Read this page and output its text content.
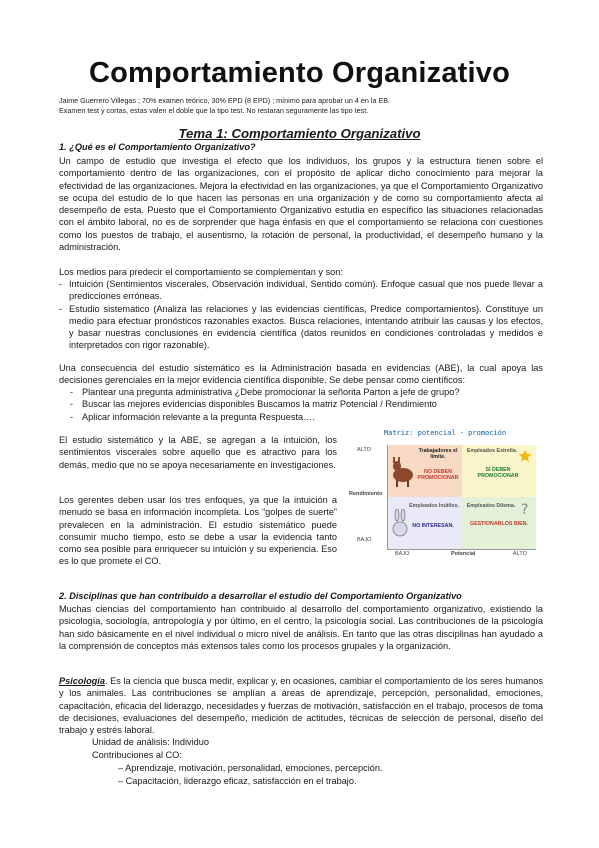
Comportamiento Organizativo
Jaime Guerrero Villegas ; 70% examen teórico, 30% EPD (8 EPD) ; mínimo para aprobar un 4 en la EB.
Examen test y cortas, estas valen el doble que la tipo test. No restaran seguramente las tipo test.
Tema 1: Comportamiento Organizativo
1. ¿Qué es el Comportamiento Organizativo?
Un campo de estudio que investiga el efecto que los individuos, los grupos y la estructura tienen sobre el comportamiento dentro de las organizaciones, con el propósito de aplicar dicho conocimiento para mejorar la efectividad de las organizaciones. Mejora la efectividad en las organizaciones, ya que el Comportamiento Organizativo se ocupa del estudio de lo que hacen las personas en una organización y de como su comportamiento afecta al desempeño de esta. Puesto que el Comportamiento Organizativo estudia en específico las situaciones relacionadas con el ámbito laboral, no es de sorprender que haga énfasis en que el comportamiento se relaciona con cuestiones como los puestos de trabajo, el ausentismo, la rotación de personal, la productividad, el desempeño humano y la administración.
Los medios para predecir el comportamiento se complementan y son:
- Intuición (Sentimientos viscerales, Observación individual, Sentido común). Enfoque casual que nos puede llevar a predicciones erróneas.
- Estudio sistemático (Analiza las relaciones y las evidencias científicas, Predice comportamientos). Constituye un medio para efectuar pronósticos razonables exactos. Busca relaciones, intentando atribuir las causas y los efectos, y basar nuestras conclusiones en evidencia científica (datos reunidos en condiciones controladas y medidos e interpretados con rigor razonable).
Una consecuencia del estudio sistemático es la Administración basada en evidencias (ABE), la cual apoya las decisiones gerenciales en la mejor evidencia científica disponible. Se debe pensar como científicos:
- Plantear una pregunta administrativa ¿Debe promocionar la señorita Parton a jefe de grupo?
- Buscar las mejores evidencias disponibles Buscamos la matriz Potencial / Rendimiento
- Aplicar información relevante a la pregunta Respuesta….
El estudio sistemático y la ABE, se agregan a la intuición, los sentimientos viscerales sobre aquello que es atractivo para los demás, medio que no se apoya necesariamente en investigaciones.
Los gerentes deben usar los tres enfoques, ya que la intuición a menudo se basa en información incompleta. Los “golpes de suerte” prevalecen en la administración. El estudio sistemático puede consumir mucho tiempo, esto se debe a usar la evidencia tanto como sea posible para enriquecer su intuición y su experiencia. Eso es lo que promete el CO.
Matriz: potencial - promoción
ALTO
Rendimiento
BAJO
Trabajadores el límite.
NO DEBEN PROMOCIONAR
Empleados Estrella.
SI DEBEN PROMOCIONAR
Empleados Inútiles.
NO INTERESAN.
Empleados Dilema. ?
GESTIONARLOS BIEN.
BAJO	Potencial	ALTO
2. Disciplinas que han contribuido a desarrollar el estudio del Comportamiento Organizativo
Muchas ciencias del comportamiento han contribuido al desarrollo del comportamiento organizativo, existiendo la psicología, sociología, antropología y por último, en el centro, la psicología social. Las contribuciones de la psicología han sido básicamente en el nivel individual o micro nivel de análisis. En tanto que las otras disciplinas han ayudado a la comprensión de conceptos más extensos tales como los procesos grupales y la organización.
Psicología. Es la ciencia que busca medir, explicar y, en ocasiones, cambiar el comportamiento de los seres humanos y los animales. Las contribuciones se amplían a áreas de aprendizaje, percepción, personalidad, emociones, capacitación, eficacia del liderazgo, necesidades y fuerzas de motivación, satisfacción en el trabajo, procesos de toma de decisiones, evaluaciones del desempeño, medición de actitudes, técnicas de selección de personal, diseño del trabajo y estrés laboral.
Unidad de análisis: Individuo
Contribuciones al CO:
– Aprendizaje, motivación, personalidad, emociones, percepción.
– Capacitación, liderazgo eficaz, satisfacción en el trabajo.
